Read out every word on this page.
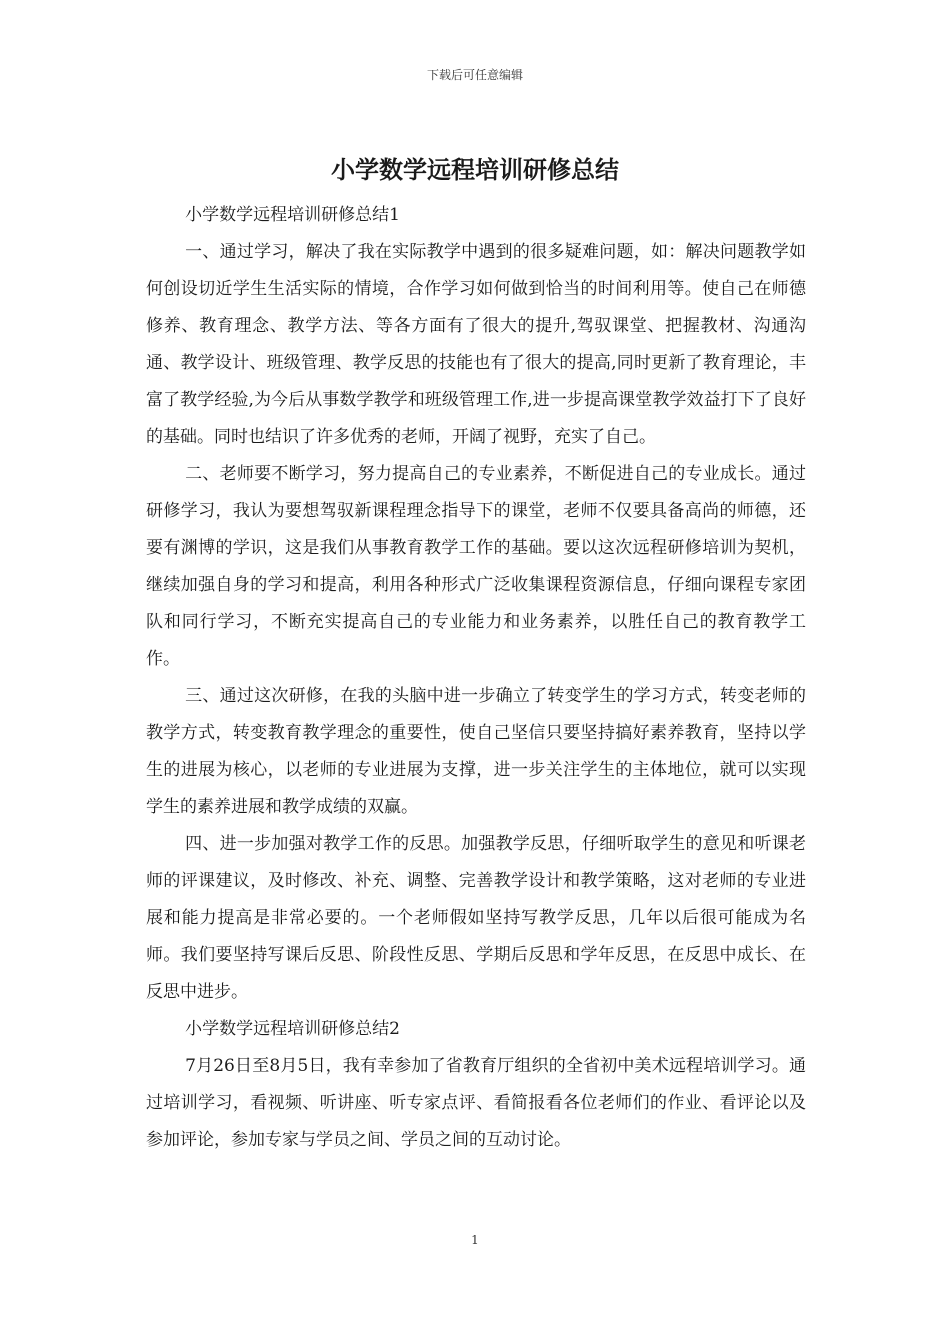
下载后可任意编辑
小学数学远程培训研修总结

小学数学远程培训研修总结1

一、通过学习，解决了我在实际教学中遇到的很多疑难问题，如：解决问题教学如何创设切近学生生活实际的情境，合作学习如何做到恰当的时间利用等。使自己在师德修养、教育理念、教学方法、等各方面有了很大的提升,驾驭课堂、把握教材、沟通沟通、教学设计、班级管理、教学反思的技能也有了很大的提高,同时更新了教育理论，丰富了教学经验,为今后从事数学教学和班级管理工作,进一步提高课堂教学效益打下了良好的基础。同时也结识了许多优秀的老师，开阔了视野，充实了自己。

二、老师要不断学习，努力提高自己的专业素养，不断促进自己的专业成长。通过研修学习，我认为要想驾驭新课程理念指导下的课堂，老师不仅要具备高尚的师德，还要有渊博的学识，这是我们从事教育教学工作的基础。要以这次远程研修培训为契机，继续加强自身的学习和提高，利用各种形式广泛收集课程资源信息，仔细向课程专家团队和同行学习，不断充实提高自己的专业能力和业务素养，以胜任自己的教育教学工作。

三、通过这次研修，在我的头脑中进一步确立了转变学生的学习方式，转变老师的教学方式，转变教育教学理念的重要性，使自己坚信只要坚持搞好素养教育，坚持以学生的进展为核心，以老师的专业进展为支撑，进一步关注学生的主体地位，就可以实现学生的素养进展和教学成绩的双赢。

四、进一步加强对教学工作的反思。加强教学反思，仔细听取学生的意见和听课老师的评课建议，及时修改、补充、调整、完善教学设计和教学策略，这对老师的专业进展和能力提高是非常必要的。一个老师假如坚持写教学反思，几年以后很可能成为名师。我们要坚持写课后反思、阶段性反思、学期后反思和学年反思，在反思中成长、在反思中进步。

小学数学远程培训研修总结2

7月26日至8月5日，我有幸参加了省教育厅组织的全省初中美术远程培训学习。通过培训学习，看视频、听讲座、听专家点评、看简报看各位老师们的作业、看评论以及参加评论，参加专家与学员之间、学员之间的互动讨论。

1
